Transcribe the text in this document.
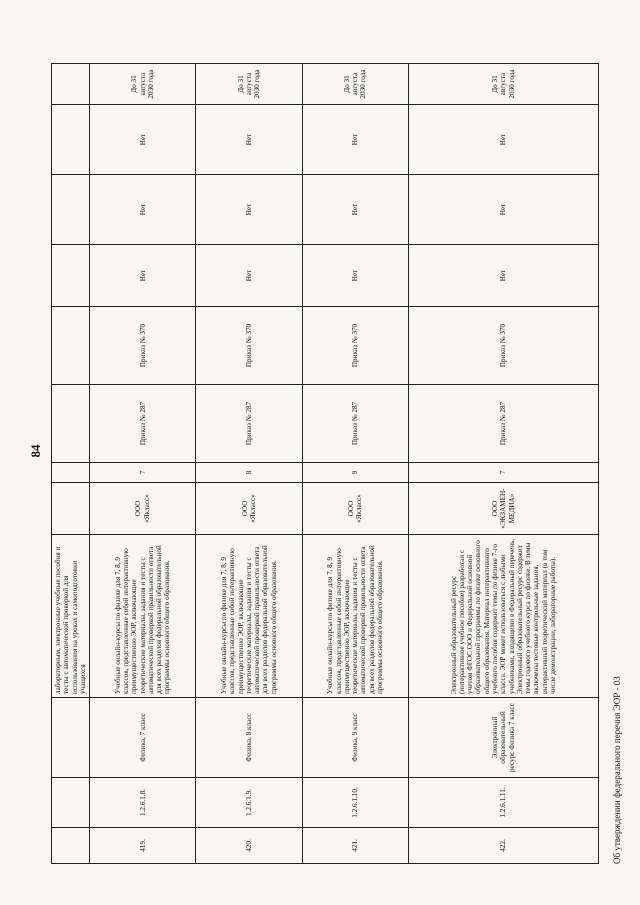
84
			лабораторным, электронные учебные пособия и тесты с автоматической проверкой для использования на уроках и самоподготовки учащихся								
419.	1.2.6.1.8.	Физика, 7 класс	Учебные онлайн-курсы по физике для 7, 8, 9 классов, представленные собой интерактивную преимущественно ЭОР, включающие теоретические материалы, задания и тесты с автоматической проверкой правильности ответа для всех разделов федеральной образовательной программы основного общего образования.	ООО «Якласс»	7	Приказ № 287	Приказ № 370	Нет	Нет	Нет	До 31 августа 2030 года
420.	1.2.6.1.9.	Физика, 8 класс	Учебные онлайн-курсы по физике для 7, 8, 9 классов, представленные собой интерактивную преимущественно ЭОР, включающие теоретические материалы, задания и тесты с автоматической проверкой правильности ответа для всех разделов федеральной образовательной программы основного общего образования.	ООО «Якласс»	8	Приказ № 287	Приказ № 370	Нет	Нет	Нет	До 31 августа 2030 года
421.	1.2.6.1.10.	Физика, 9 класс	Учебные онлайн-курсы по физике для 7, 8, 9 классов, представленные собой интерактивную преимущественно ЭОР, включающие теоретические материалы, задания и тесты с автоматической проверкой правильности ответа для всех разделов федеральной образовательной программы основного общего образования.	ООО «Якласс»	9	Приказ № 287	Приказ № 370	Нет	Нет	Нет	До 31 августа 2030 года
422.	1.2.6.1.11.	Электронный образовательный ресурс Физика 7 класс	Электронный образовательный ресурс (интерактивное учебное пособие) разработан с учетом ФГОС ООО и Федеральной основной образовательной программы по физике основного общего образования. Материал интерактивного учебного пособия содержит темы по физике 7-го класса. ЭОР может использоваться с любыми учебниками, входящими в Федеральный перечень. Электронный образовательный ресурс содержит темы годового учебного курса по физике. В темы включены тестовые контрольные задания, интерактивный теоретический материал (в том числе демонстрации, лабораторные работы).	ООО «ЭКЗАМЕН-МЕДИА»	7	Приказ № 287	Приказ № 370	Нет	Нет	Нет	До 31 августа 2030 года
Об утверждении федерального перечня ЭОР - 03
